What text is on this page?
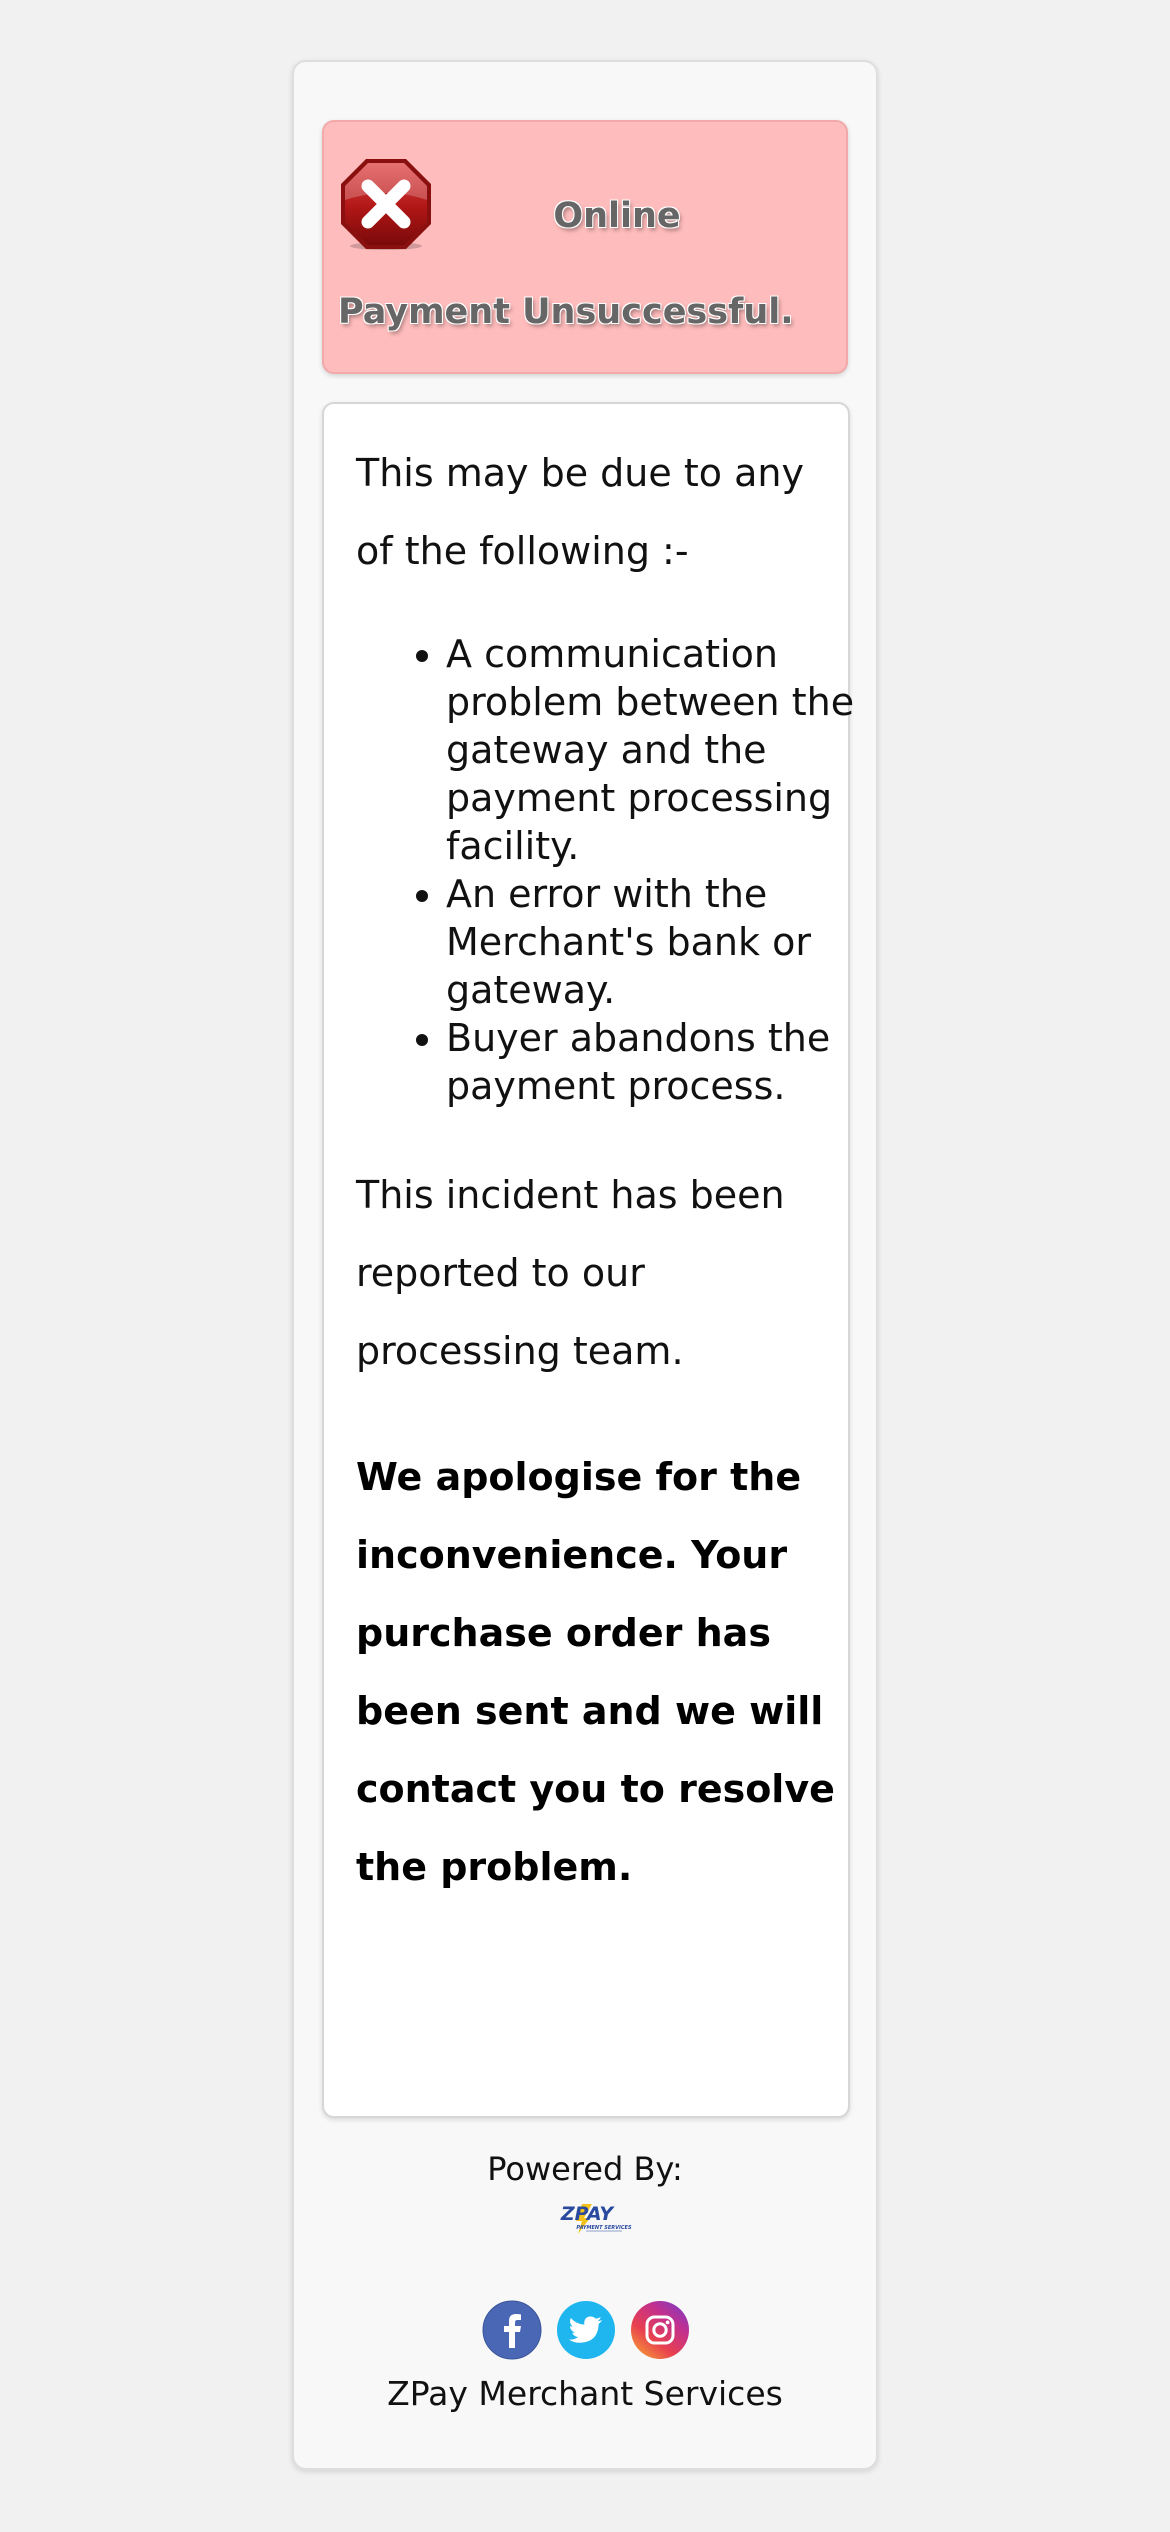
Online
Payment Unsuccessful.

This may be due to any of the following :-

• A communication problem between the gateway and the payment processing facility.
• An error with the Merchant's bank or gateway.
• Buyer abandons the payment process.

This incident has been reported to our processing team.

We apologise for the inconvenience. Your purchase order has been sent and we will contact you to resolve the problem.

Powered By:
ZPAY
PAYMENT SERVICES
ZPay Merchant Services
